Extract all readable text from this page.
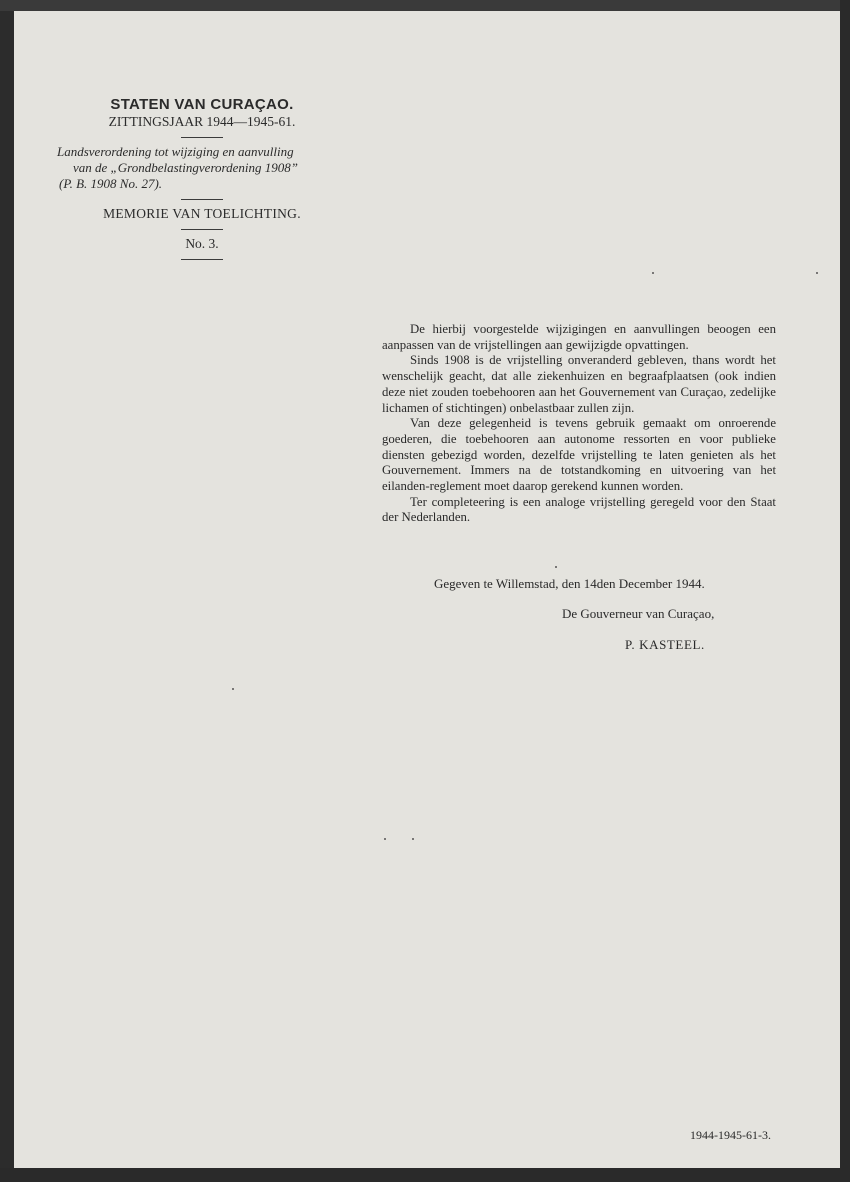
STATEN VAN CURAÇAO.
ZITTINGSJAAR 1944—1945-61.
Landsverordening tot wijziging en aanvulling
van de „Grondbelastingverordening 1908”
(P. B. 1908 No. 27).
MEMORIE VAN TOELICHTING.
No. 3.

De hierbij voorgestelde wijzigingen en aanvullingen beoogen een aanpassen van de vrijstellingen aan gewijzigde opvattingen.

Sinds 1908 is de vrijstelling onveranderd gebleven, thans wordt het wenschelijk geacht, dat alle ziekenhuizen en begraafplaatsen (ook indien deze niet zouden toebehooren aan het Gouvernement van Curaçao, zedelijke lichamen of stichtingen) onbelastbaar zullen zijn.

Van deze gelegenheid is tevens gebruik gemaakt om onroerende goederen, die toebehooren aan autonome ressorten en voor publieke diensten gebezigd worden, dezelfde vrijstelling te laten genieten als het Gouvernement. Immers na de totstandkoming en uitvoering van het eilanden-reglement moet daarop gerekend kunnen worden.

Ter completeering is een analoge vrijstelling geregeld voor den Staat der Nederlanden.

Gegeven te Willemstad, den 14den December 1944.
De Gouverneur van Curaçao,
P. KASTEEL.
1944-1945-61-3.
